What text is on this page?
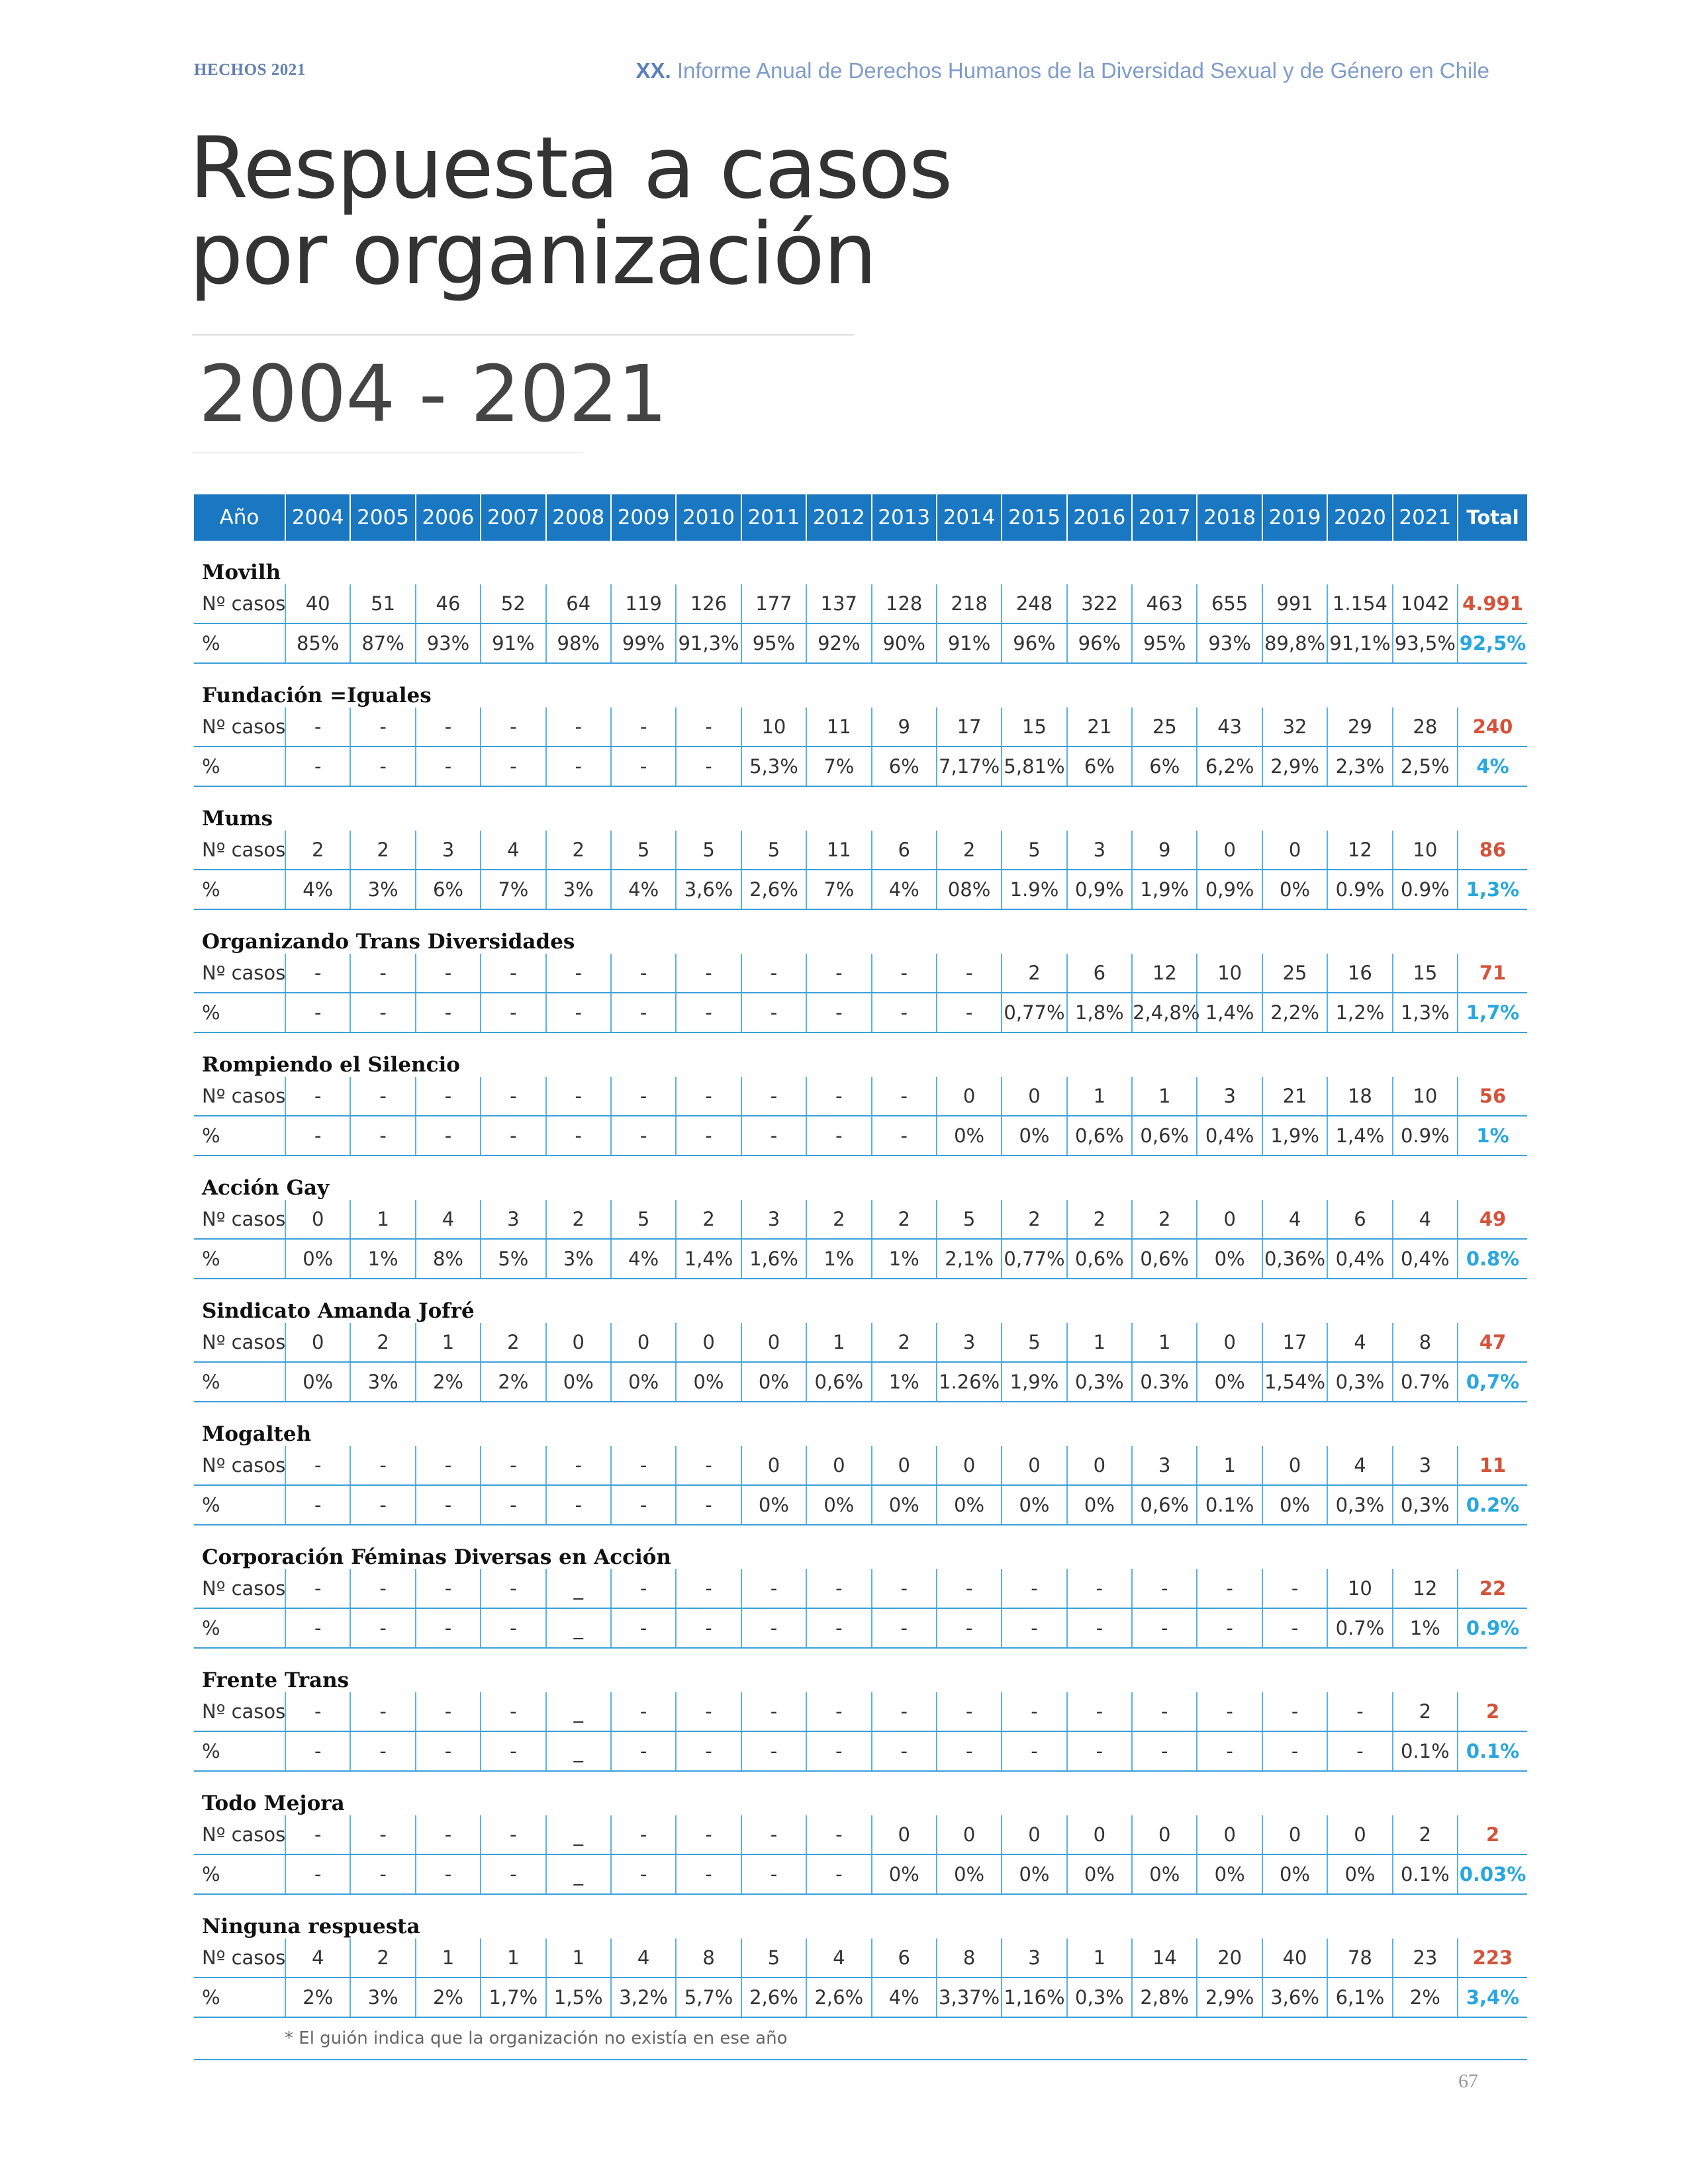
HECHOS 2021	XX. Informe Anual de Derechos Humanos de la Diversidad Sexual y de Género en Chile
Respuesta a casos
por organización
2004 - 2021
Año	2004	2005	2006	2007	2008	2009	2010	2011	2012	2013	2014	2015	2016	2017	2018	2019	2020	2021	Total
Movilh																			
Nº casos	40	51	46	52	64	119	126	177	137	128	218	248	322	463	655	991	1.154	1042	4.991
%	85%	87%	93%	91%	98%	99%	91,3%	95%	92%	90%	91%	96%	96%	95%	93%	89,8%	91,1%	93,5%	92,5%
Fundación =Iguales																			
Nº casos	-	-	-	-	-	-	-	10	11	9	17	15	21	25	43	32	29	28	240
%	-	-	-	-	-	-	-	5,3%	7%	6%	7,17%	5,81%	6%	6%	6,2%	2,9%	2,3%	2,5%	4%
Mums																			
Nº casos	2	2	3	4	2	5	5	5	11	6	2	5	3	9	0	0	12	10	86
%	4%	3%	6%	7%	3%	4%	3,6%	2,6%	7%	4%	08%	1.9%	0,9%	1,9%	0,9%	0%	0.9%	0.9%	1,3%
Organizando Trans Diversidades																			
Nº casos	-	-	-	-	-	-	-	-	-	-	-	2	6	12	10	25	16	15	71
%	-	-	-	-	-	-	-	-	-	-	-	0,77%	1,8%	2,4,8%	1,4%	2,2%	1,2%	1,3%	1,7%
Rompiendo el Silencio																			
Nº casos	-	-	-	-	-	-	-	-	-	-	0	0	1	1	3	21	18	10	56
%	-	-	-	-	-	-	-	-	-	-	0%	0%	0,6%	0,6%	0,4%	1,9%	1,4%	0.9%	1%
Acción Gay																			
Nº casos	0	1	4	3	2	5	2	3	2	2	5	2	2	2	0	4	6	4	49
%	0%	1%	8%	5%	3%	4%	1,4%	1,6%	1%	1%	2,1%	0,77%	0,6%	0,6%	0%	0,36%	0,4%	0,4%	0.8%
Sindicato Amanda Jofré																			
Nº casos	0	2	1	2	0	0	0	0	1	2	3	5	1	1	0	17	4	8	47
%	0%	3%	2%	2%	0%	0%	0%	0%	0,6%	1%	1.26%	1,9%	0,3%	0.3%	0%	1,54%	0,3%	0.7%	0,7%
Mogalteh																			
Nº casos	-	-	-	-	-	-	-	0	0	0	0	0	0	3	1	0	4	3	11
%	-	-	-	-	-	-	-	0%	0%	0%	0%	0%	0%	0,6%	0.1%	0%	0,3%	0,3%	0.2%
Corporación Féminas Diversas en Acción																			
Nº casos	-	-	-	-	_	-	-	-	-	-	-	-	-	-	-	-	10	12	22
%	-	-	-	-	_	-	-	-	-	-	-	-	-	-	-	-	0.7%	1%	0.9%
Frente Trans																			
Nº casos	-	-	-	-	_	-	-	-	-	-	-	-	-	-	-	-	-	2	2
%	-	-	-	-	_	-	-	-	-	-	-	-	-	-	-	-	-	0.1%	0.1%
Todo Mejora																			
Nº casos	-	-	-	-	_	-	-	-	-	0	0	0	0	0	0	0	0	2	2
%	-	-	-	-	_	-	-	-	-	0%	0%	0%	0%	0%	0%	0%	0%	0.1%	0.03%
Ninguna respuesta																			
Nº casos	4	2	1	1	1	4	8	5	4	6	8	3	1	14	20	40	78	23	223
%	2%	3%	2%	1,7%	1,5%	3,2%	5,7%	2,6%	2,6%	4%	3,37%	1,16%	0,3%	2,8%	2,9%	3,6%	6,1%	2%	3,4%
* El guión indica que la organización no existía en ese año																			
67
